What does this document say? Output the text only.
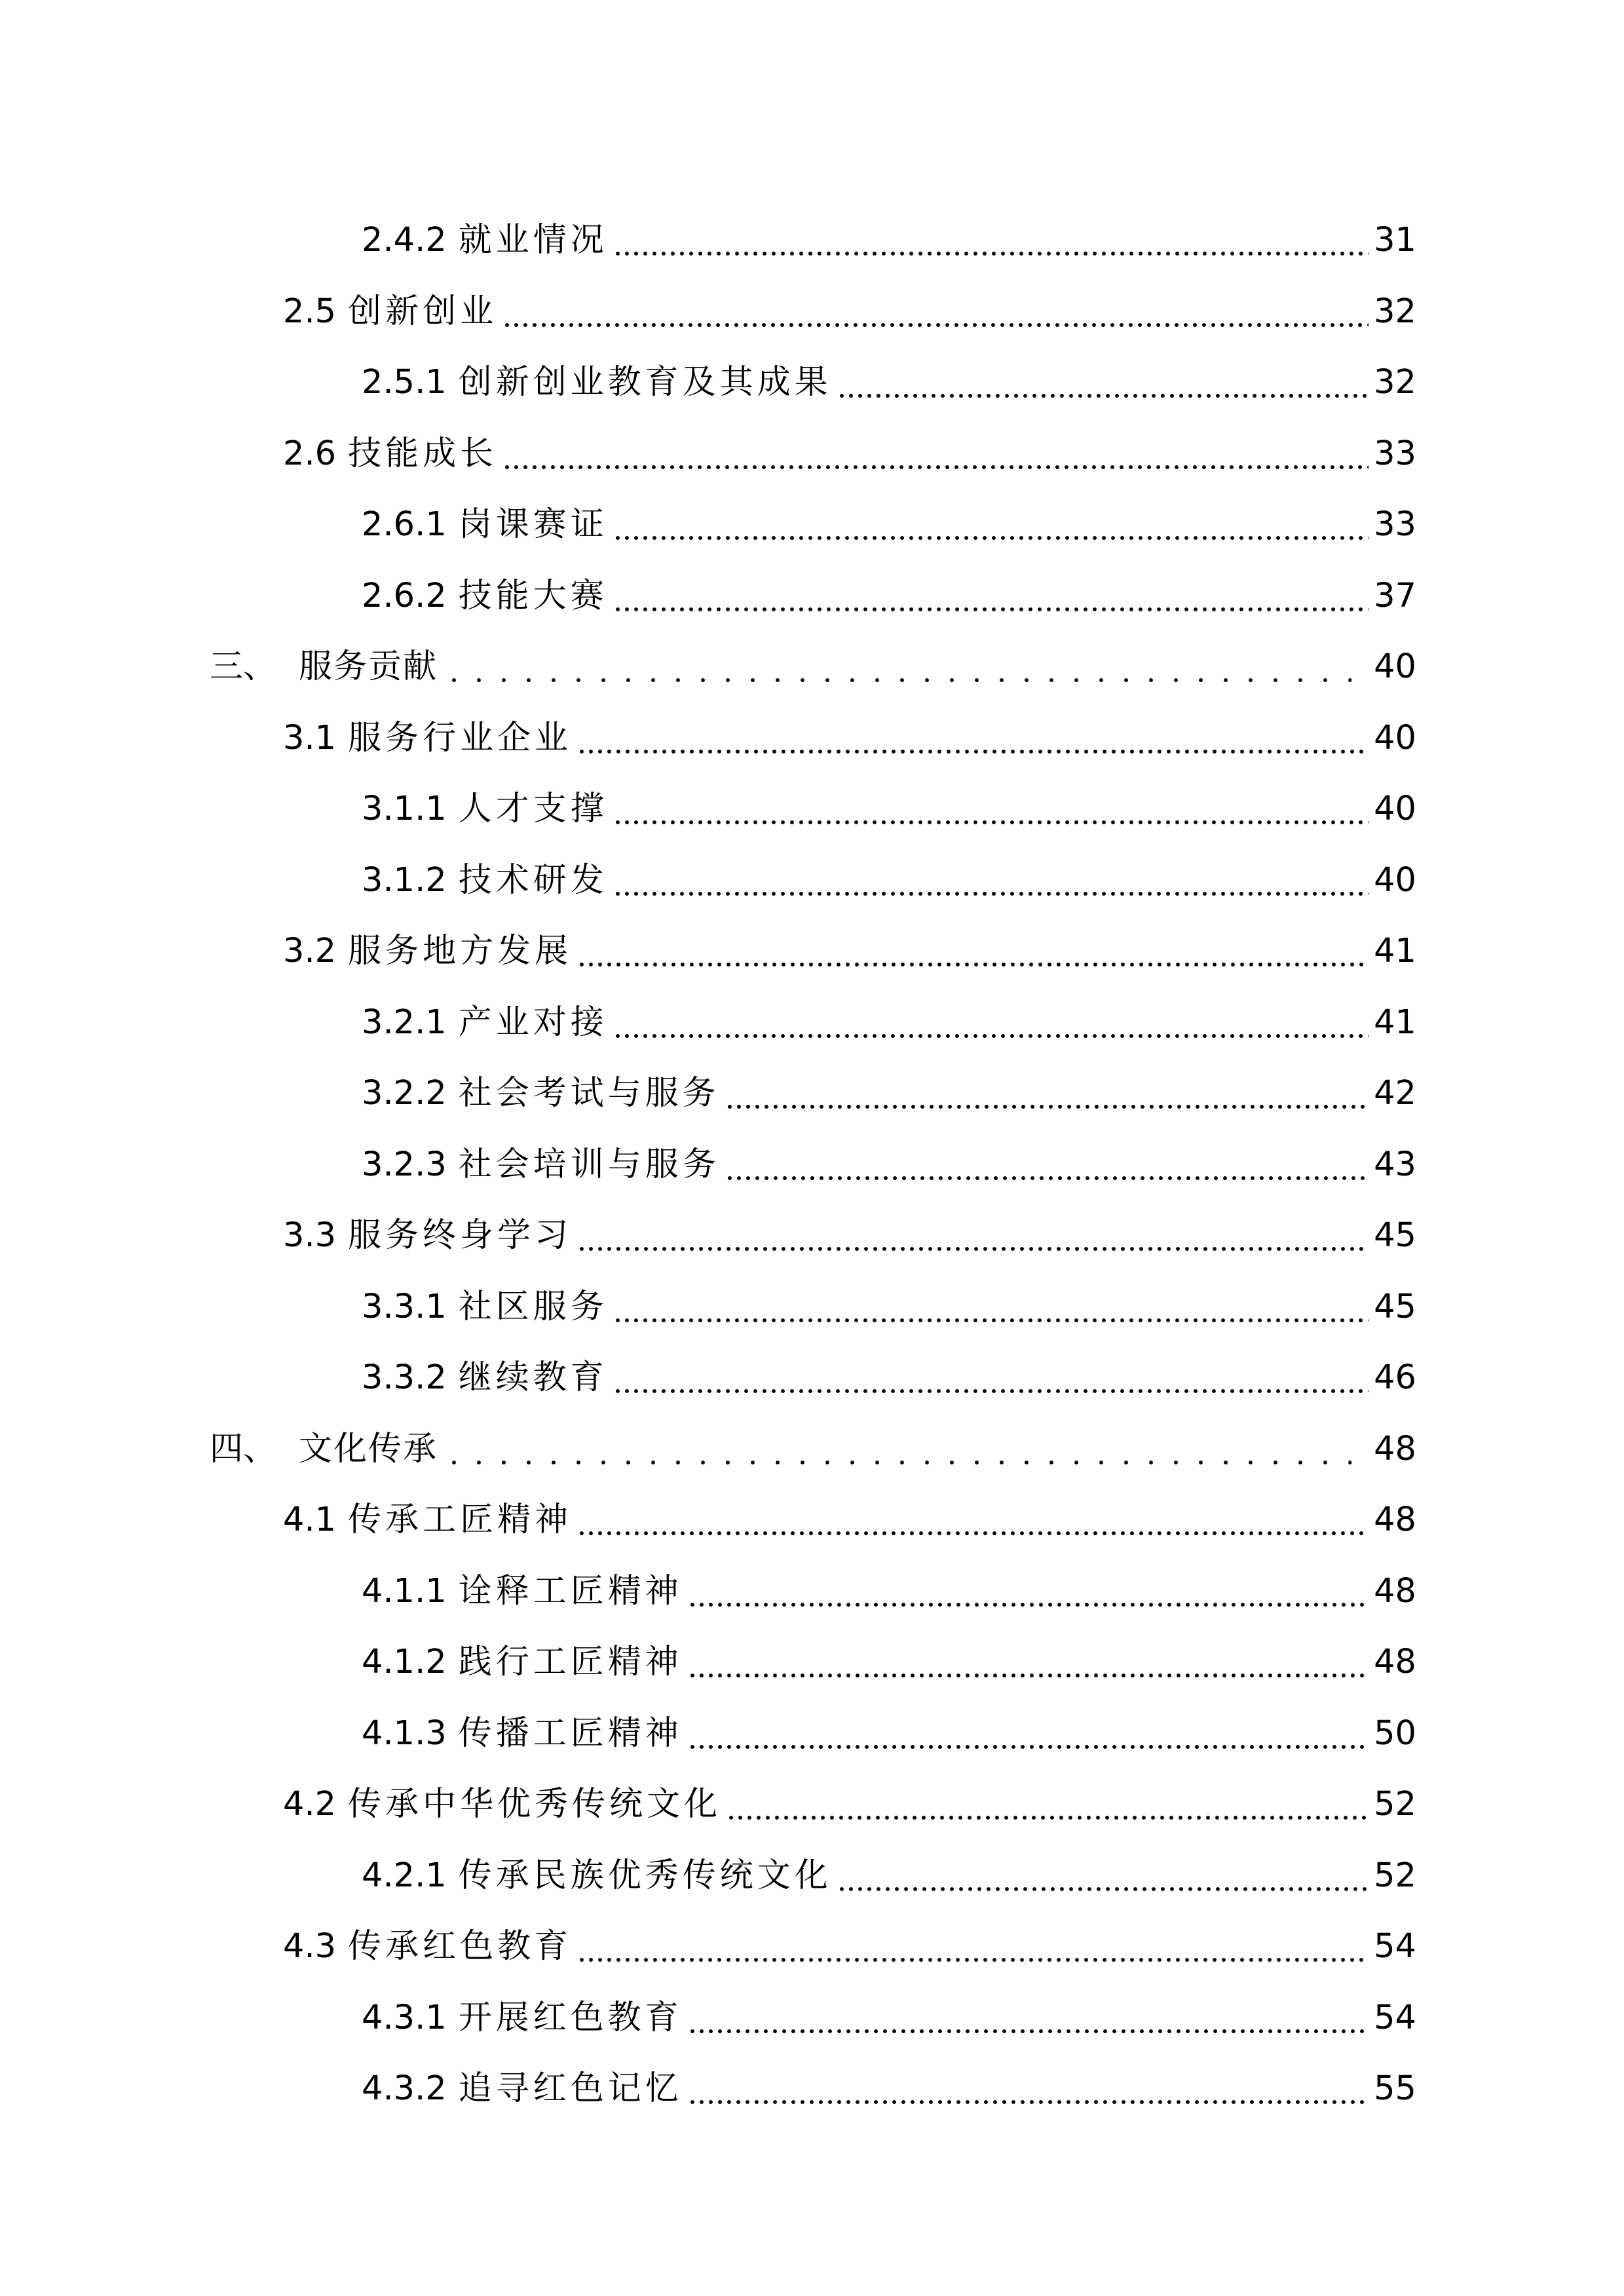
2.4.2 就业情况	31
2.5 创新创业	32
2.5.1 创新创业教育及其成果	32
2.6 技能成长	33
2.6.1 岗课赛证	33
2.6.2 技能大赛	37
三、 服务贡献	40
3.1 服务行业企业	40
3.1.1 人才支撑	40
3.1.2 技术研发	40
3.2 服务地方发展	41
3.2.1 产业对接	41
3.2.2 社会考试与服务	42
3.2.3 社会培训与服务	43
3.3 服务终身学习	45
3.3.1 社区服务	45
3.3.2 继续教育	46
四、 文化传承	48
4.1 传承工匠精神	48
4.1.1 诠释工匠精神	48
4.1.2 践行工匠精神	48
4.1.3 传播工匠精神	50
4.2 传承中华优秀传统文化	52
4.2.1 传承民族优秀传统文化	52
4.3 传承红色教育	54
4.3.1 开展红色教育	54
4.3.2 追寻红色记忆	55
